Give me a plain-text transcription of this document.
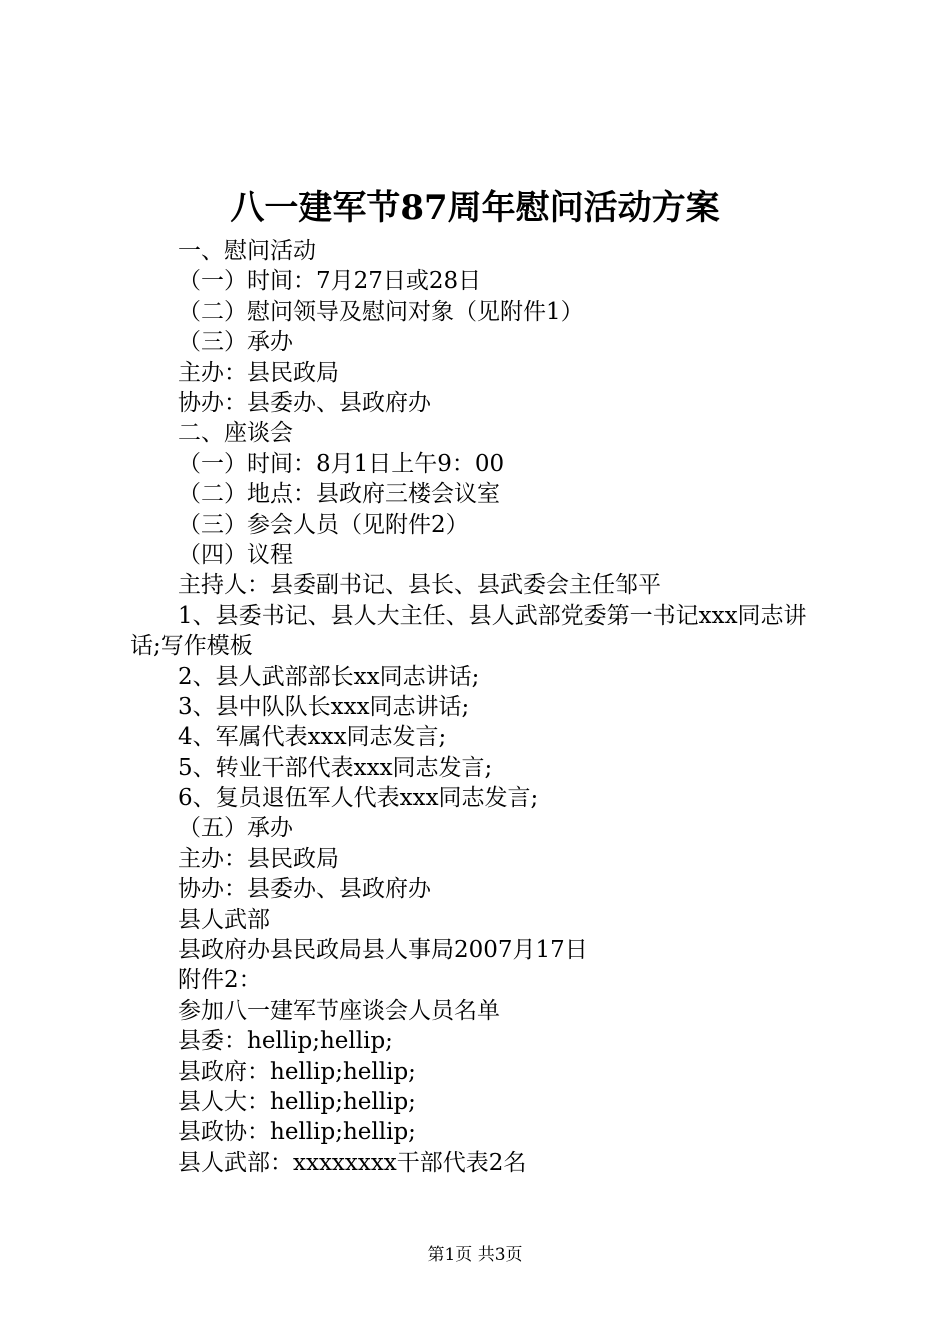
八一建军节87周年慰问活动方案
一、慰问活动
（一）时间：7月27日或28日
（二）慰问领导及慰问对象（见附件1）
（三）承办
主办：县民政局
协办：县委办、县政府办
二、座谈会
（一）时间：8月1日上午9：00
（二）地点：县政府三楼会议室
（三）参会人员（见附件2）
（四）议程
主持人：县委副书记、县长、县武委会主任邹平
1、县委书记、县人大主任、县人武部党委第一书记xxx同志讲话;写作模板
2、县人武部部长xx同志讲话;
3、县中队队长xxx同志讲话;
4、军属代表xxx同志发言;
5、转业干部代表xxx同志发言;
6、复员退伍军人代表xxx同志发言;
（五）承办
主办：县民政局
协办：县委办、县政府办
县人武部
县政府办县民政局县人事局2007月17日
附件2：
参加八一建军节座谈会人员名单
县委：hellip;hellip;
县政府：hellip;hellip;
县人大：hellip;hellip;
县政协：hellip;hellip;
县人武部：xxxxxxxx干部代表2名
第1页 共3页
